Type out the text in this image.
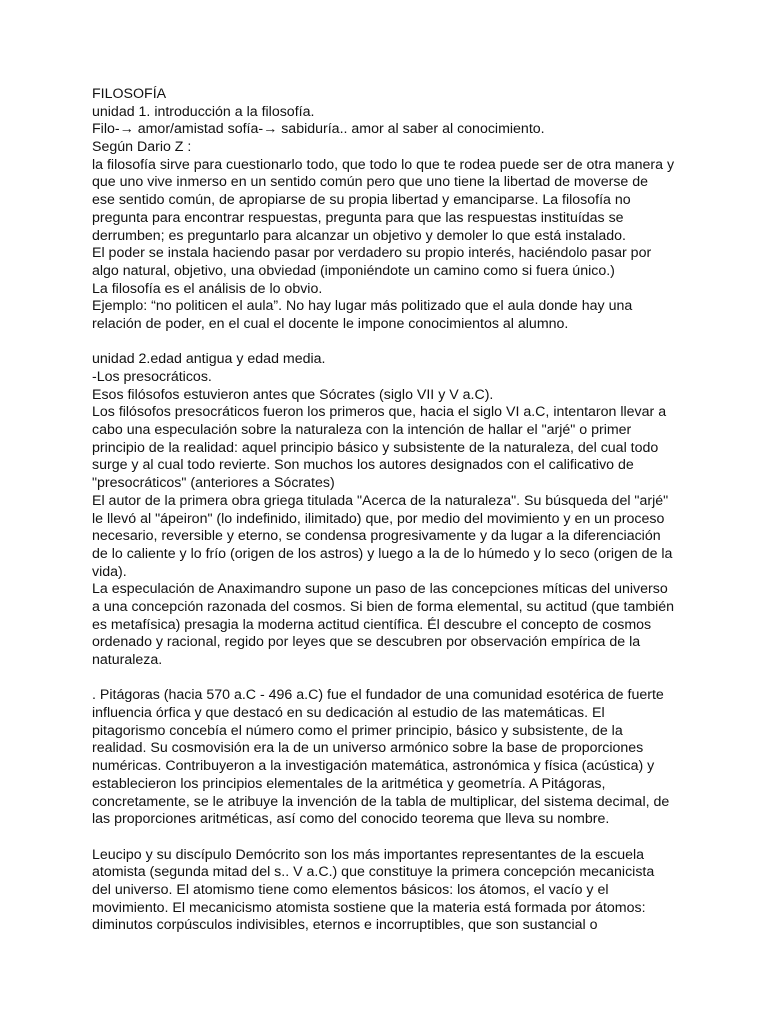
FILOSOFÍA
unidad 1. introducción a la filosofía.
Filo-→ amor/amistad sofía-→ sabiduría.. amor al saber al conocimiento.
Según Dario Z :
la filosofía sirve para cuestionarlo todo, que todo lo que te rodea puede ser de otra manera y
que uno vive inmerso en un sentido común pero que uno tiene la libertad de moverse de
ese sentido común, de apropiarse de su propia libertad y emanciparse. La filosofía no
pregunta para encontrar respuestas, pregunta para que las respuestas instituídas se
derrumben; es preguntarlo para alcanzar un objetivo y demoler lo que está instalado.
El poder se instala haciendo pasar por verdadero su propio interés, haciéndolo pasar por
algo natural, objetivo, una obviedad (imponiéndote un camino como si fuera único.)
La filosofía es el análisis de lo obvio.
Ejemplo: “no politicen el aula”. No hay lugar más politizado que el aula donde hay una
relación de poder, en el cual el docente le impone conocimientos al alumno.
unidad 2.edad antigua y edad media.
-Los presocráticos.
Esos filósofos estuvieron antes que Sócrates (siglo VII y V a.C).
Los filósofos presocráticos fueron los primeros que, hacia el siglo VI a.C, intentaron llevar a
cabo una especulación sobre la naturaleza con la intención de hallar el "arjé" o primer
principio de la realidad: aquel principio básico y subsistente de la naturaleza, del cual todo
surge y al cual todo revierte. Son muchos los autores designados con el calificativo de
"presocráticos" (anteriores a Sócrates)
El autor de la primera obra griega titulada "Acerca de la naturaleza". Su búsqueda del "arjé"
le llevó al "ápeiron" (lo indefinido, ilimitado) que, por medio del movimiento y en un proceso
necesario, reversible y eterno, se condensa progresivamente y da lugar a la diferenciación
de lo caliente y lo frío (origen de los astros) y luego a la de lo húmedo y lo seco (origen de la
vida).
La especulación de Anaximandro supone un paso de las concepciones míticas del universo
a una concepción razonada del cosmos. Si bien de forma elemental, su actitud (que también
es metafísica) presagia la moderna actitud científica. Él descubre el concepto de cosmos
ordenado y racional, regido por leyes que se descubren por observación empírica de la
naturaleza.
. Pitágoras (hacia 570 a.C - 496 a.C) fue el fundador de una comunidad esotérica de fuerte
influencia órfica y que destacó en su dedicación al estudio de las matemáticas. El
pitagorismo concebía el número como el primer principio, básico y subsistente, de la
realidad. Su cosmovisión era la de un universo armónico sobre la base de proporciones
numéricas. Contribuyeron a la investigación matemática, astronómica y física (acústica) y
establecieron los principios elementales de la aritmética y geometría. A Pitágoras,
concretamente, se le atribuye la invención de la tabla de multiplicar, del sistema decimal, de
las proporciones aritméticas, así como del conocido teorema que lleva su nombre.
Leucipo y su discípulo Demócrito son los más importantes representantes de la escuela
atomista (segunda mitad del s.. V a.C.) que constituye la primera concepción mecanicista
del universo. El atomismo tiene como elementos básicos: los átomos, el vacío y el
movimiento. El mecanicismo atomista sostiene que la materia está formada por átomos:
diminutos corpúsculos indivisibles, eternos e incorruptibles, que son sustancial o
